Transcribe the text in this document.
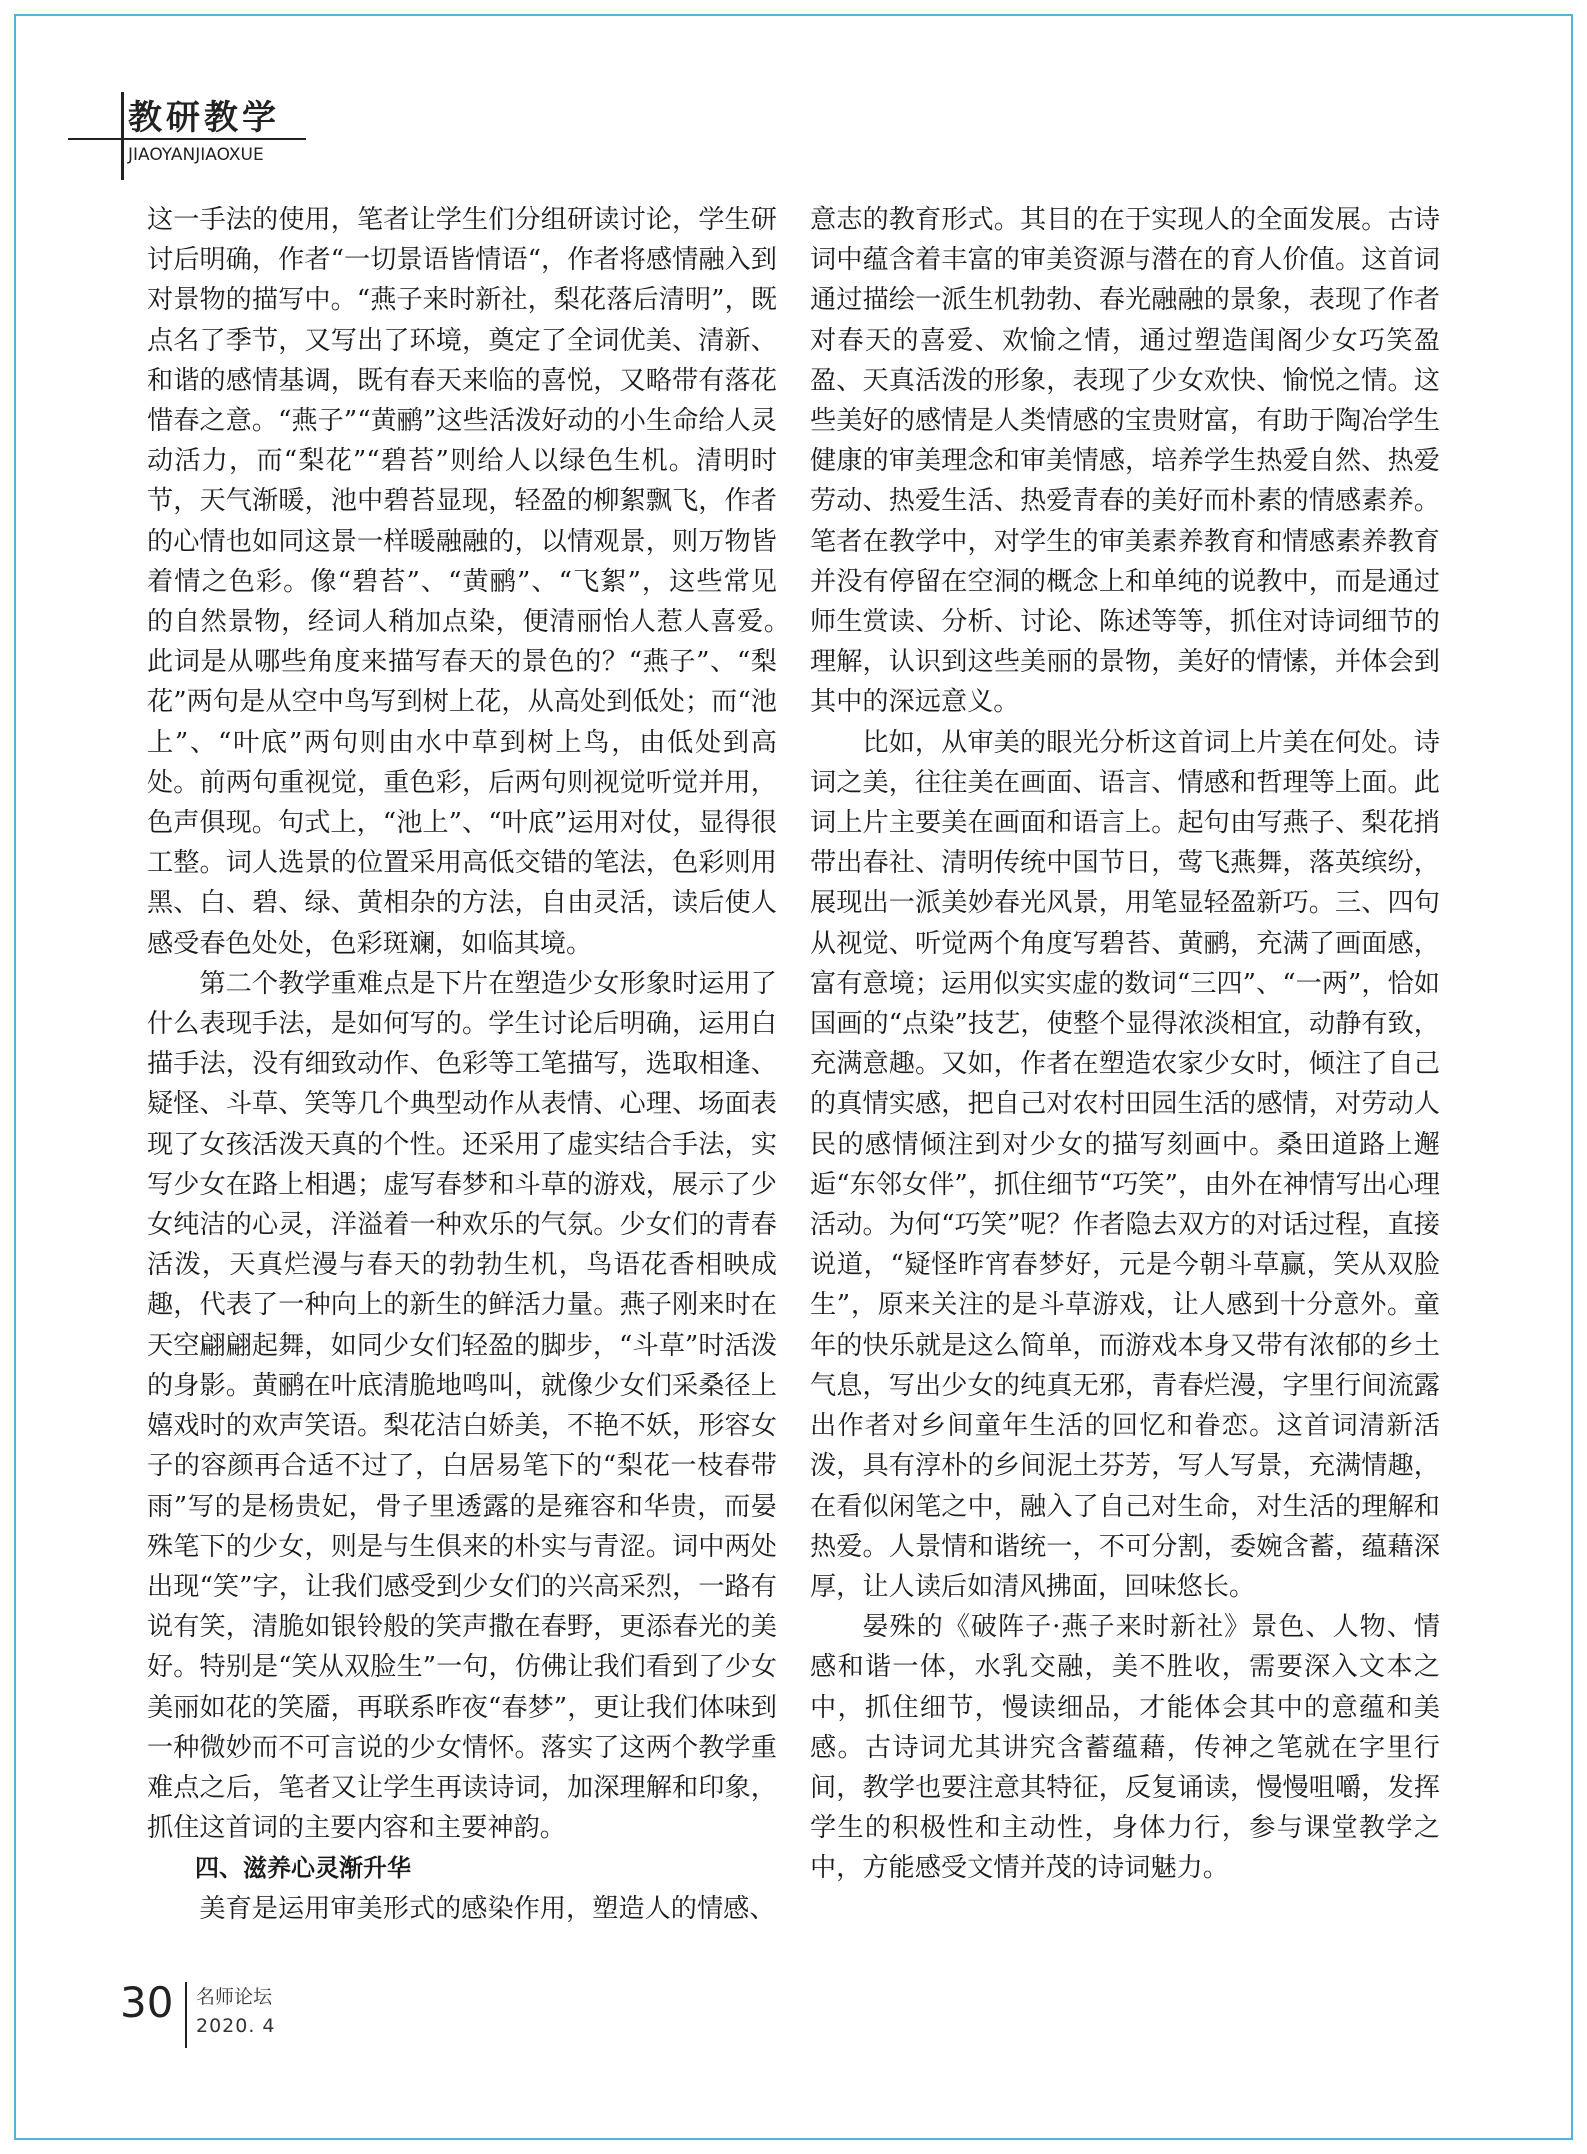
教研教学
JIAOYANJIAOXUE

这一手法的使用，笔者让学生们分组研读讨论，学生研讨后明确，作者“一切景语皆情语“，作者将感情融入到对景物的描写中。“燕子来时新社，梨花落后清明”，既点名了季节，又写出了环境，奠定了全词优美、清新、和谐的感情基调，既有春天来临的喜悦，又略带有落花惜春之意。“燕子”“黄鹂”这些活泼好动的小生命给人灵动活力，而“梨花”“碧苔”则给人以绿色生机。清明时节，天气渐暖，池中碧苔显现，轻盈的柳絮飘飞，作者的心情也如同这景一样暖融融的，以情观景，则万物皆着情之色彩。像“碧苔”、“黄鹂”、“飞絮”，这些常见的自然景物，经词人稍加点染，便清丽怡人惹人喜爱。　此词是从哪些角度来描写春天的景色的？“燕子”、“梨花”两句是从空中鸟写到树上花，从高处到低处；而“池上”、“叶底”两句则由水中草到树上鸟，由低处到高处。前两句重视觉，重色彩，后两句则视觉听觉并用，色声俱现。句式上，“池上”、“叶底”运用对仗，显得很工整。词人选景的位置采用高低交错的笔法，色彩则用黑、白、碧、绿、黄相杂的方法，自由灵活，读后使人感受春色处处，色彩斑斓，如临其境。

第二个教学重难点是下片在塑造少女形象时运用了什么表现手法，是如何写的。学生讨论后明确，运用白描手法，没有细致动作、色彩等工笔描写，选取相逢、疑怪、斗草、笑等几个典型动作从表情、心理、场面表现了女孩活泼天真的个性。还采用了虚实结合手法，实写少女在路上相遇；虚写春梦和斗草的游戏，展示了少女纯洁的心灵，洋溢着一种欢乐的气氛。少女们的青春活泼，天真烂漫与春天的勃勃生机，鸟语花香相映成趣，代表了一种向上的新生的鲜活力量。燕子刚来时在天空翩翩起舞，如同少女们轻盈的脚步，“斗草”时活泼的身影。黄鹂在叶底清脆地鸣叫，就像少女们采桑径上嬉戏时的欢声笑语。梨花洁白娇美，不艳不妖，形容女子的容颜再合适不过了，白居易笔下的“梨花一枝春带雨”写的是杨贵妃，骨子里透露的是雍容和华贵，而晏殊笔下的少女，则是与生俱来的朴实与青涩。词中两处出现“笑”字，让我们感受到少女们的兴高采烈，一路有说有笑，清脆如银铃般的笑声撒在春野，更添春光的美好。特别是“笑从双脸生”一句，仿佛让我们看到了少女美丽如花的笑靥，再联系昨夜“春梦”，更让我们体味到一种微妙而不可言说的少女情怀。落实了这两个教学重难点之后，笔者又让学生再读诗词，加深理解和印象，抓住这首词的主要内容和主要神韵。

四、滋养心灵渐升华

美育是运用审美形式的感染作用，塑造人的情感、

意志的教育形式。其目的在于实现人的全面发展。古诗词中蕴含着丰富的审美资源与潜在的育人价值。这首词通过描绘一派生机勃勃、春光融融的景象，表现了作者对春天的喜爱、欢愉之情，通过塑造闺阁少女巧笑盈盈、天真活泼的形象，表现了少女欢快、愉悦之情。这些美好的感情是人类情感的宝贵财富，有助于陶冶学生健康的审美理念和审美情感，培养学生热爱自然、热爱劳动、热爱生活、热爱青春的美好而朴素的情感素养。笔者在教学中，对学生的审美素养教育和情感素养教育并没有停留在空洞的概念上和单纯的说教中，而是通过师生赏读、分析、讨论、陈述等等，抓住对诗词细节的理解，认识到这些美丽的景物，美好的情愫，并体会到其中的深远意义。

比如，从审美的眼光分析这首词上片美在何处。诗词之美，往往美在画面、语言、情感和哲理等上面。此词上片主要美在画面和语言上。起句由写燕子、梨花捎带出春社、清明传统中国节日，莺飞燕舞，落英缤纷，展现出一派美妙春光风景，用笔显轻盈新巧。三、四句从视觉、听觉两个角度写碧苔、黄鹂，充满了画面感，富有意境；运用似实实虚的数词“三四”、“一两”，恰如国画的“点染”技艺，使整个显得浓淡相宜，动静有致，充满意趣。又如，作者在塑造农家少女时，倾注了自己的真情实感，把自己对农村田园生活的感情，对劳动人民的感情倾注到对少女的描写刻画中。桑田道路上邂逅“东邻女伴”，抓住细节“巧笑”，由外在神情写出心理活动。为何“巧笑”呢？作者隐去双方的对话过程，直接说道，“疑怪昨宵春梦好，元是今朝斗草赢，笑从双脸生”，原来关注的是斗草游戏，让人感到十分意外。童年的快乐就是这么简单，而游戏本身又带有浓郁的乡土气息，写出少女的纯真无邪，青春烂漫，字里行间流露出作者对乡间童年生活的回忆和眷恋。这首词清新活泼，具有淳朴的乡间泥土芬芳，写人写景，充满情趣，在看似闲笔之中，融入了自己对生命，对生活的理解和热爱。人景情和谐统一，不可分割，委婉含蓄，蕴藉深厚，让人读后如清风拂面，回味悠长。

晏殊的《破阵子·燕子来时新社》景色、人物、情感和谐一体，水乳交融，美不胜收，需要深入文本之中，抓住细节，慢读细品，才能体会其中的意蕴和美感。古诗词尤其讲究含蓄蕴藉，传神之笔就在字里行间，教学也要注意其特征，反复诵读，慢慢咀嚼，发挥学生的积极性和主动性，身体力行，参与课堂教学之中，方能感受文情并茂的诗词魅力。

30 名师论坛
2020. 4
